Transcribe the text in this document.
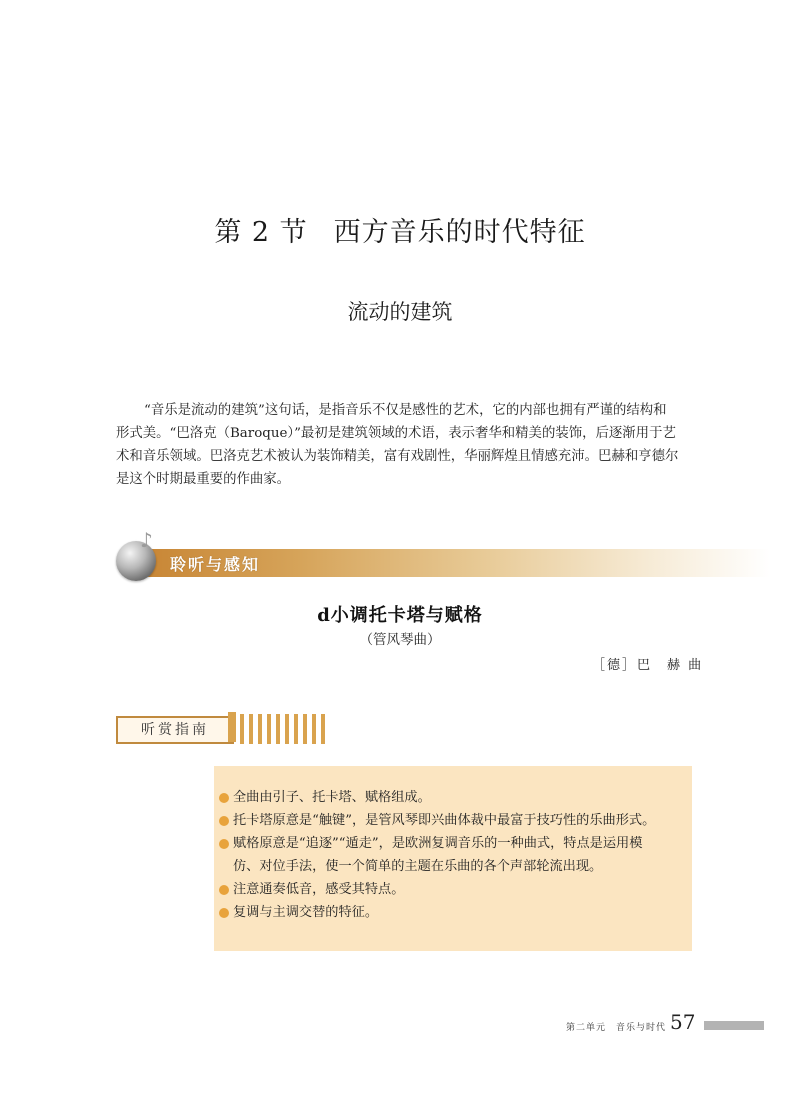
第 2 节 西方音乐的时代特征
流动的建筑
“音乐是流动的建筑”这句话，是指音乐不仅是感性的艺术，它的内部也拥有严谨的结构和
形式美。“巴洛克（Baroque）”最初是建筑领域的术语，表示奢华和精美的装饰，后逐渐用于艺
术和音乐领域。巴洛克艺术被认为装饰精美，富有戏剧性，华丽辉煌且情感充沛。巴赫和亨德尔
是这个时期最重要的作曲家。
♪
聆听与感知
d小调托卡塔与赋格
（管风琴曲）
［德］巴　赫 曲
听赏指南
全曲由引子、托卡塔、赋格组成。
托卡塔原意是“触键”，是管风琴即兴曲体裁中最富于技巧性的乐曲形式。
赋格原意是“追逐”“遁走”，是欧洲复调音乐的一种曲式，特点是运用模
仿、对位手法，使一个简单的主题在乐曲的各个声部轮流出现。
注意通奏低音，感受其特点。
复调与主调交替的特征。
第二单元　音乐与时代 57
